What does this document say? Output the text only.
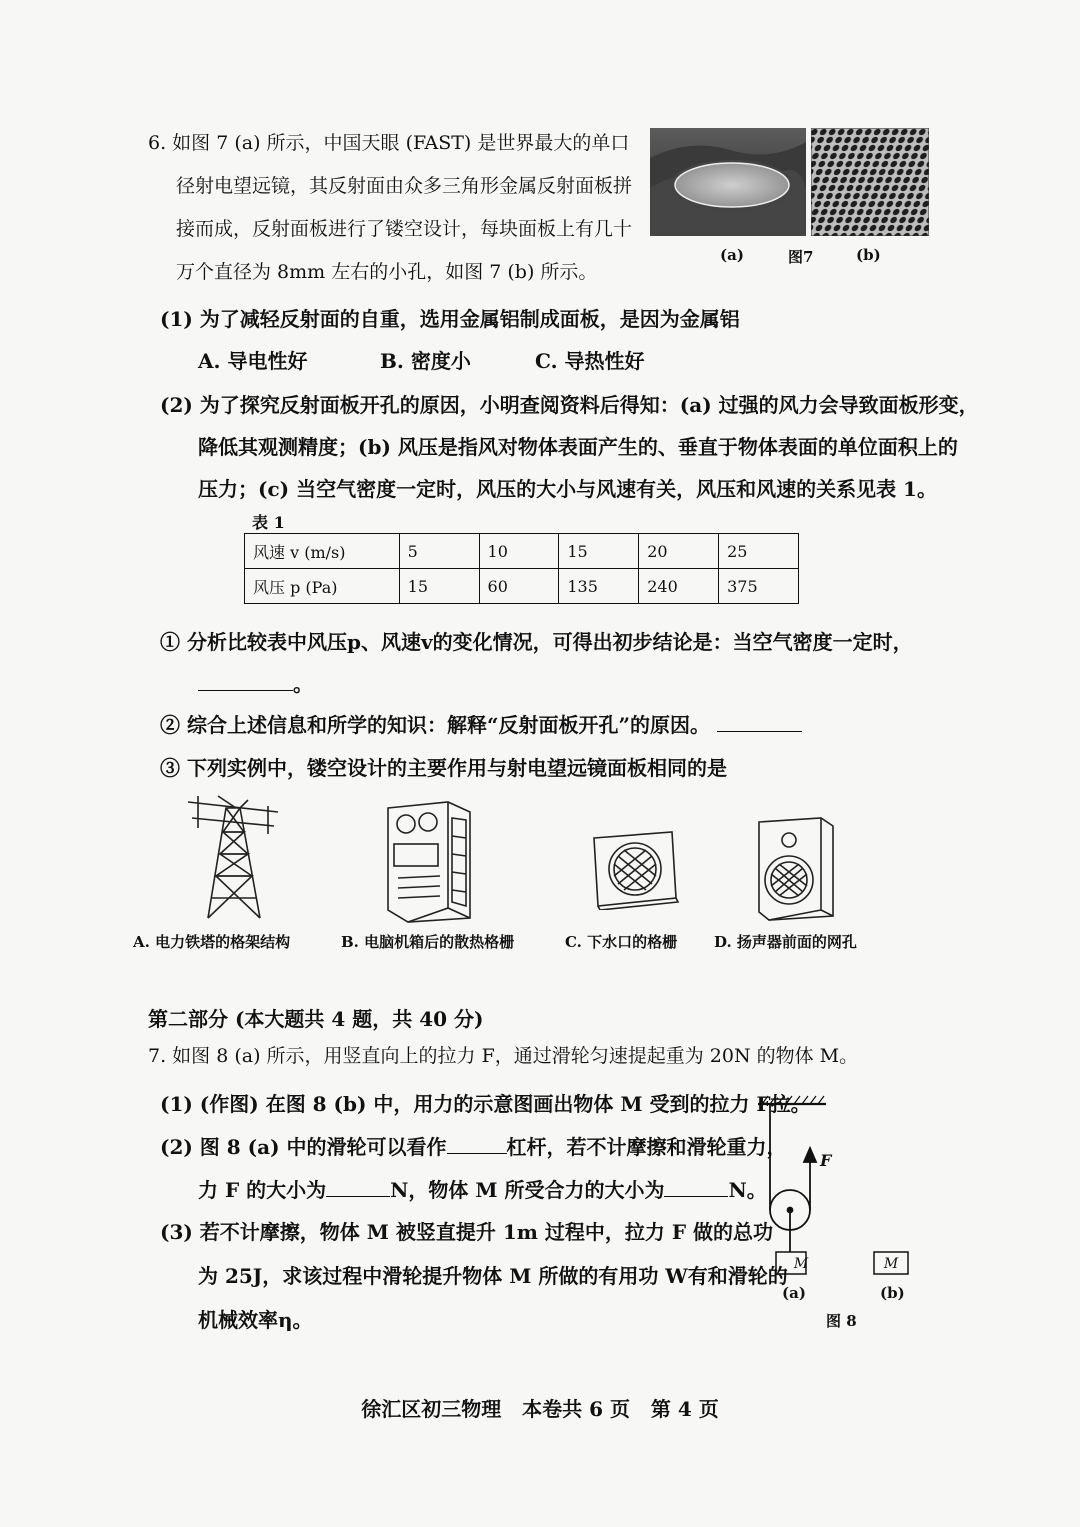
6. 如图 7 (a) 所示，中国天眼 (FAST) 是世界最大的单口
径射电望远镜，其反射面由众多三角形金属反射面板拼
接而成，反射面板进行了镂空设计，每块面板上有几十
万个直径为 8mm 左右的小孔，如图 7 (b) 所示。
(a)	图7	(b)
(1) 为了减轻反射面的自重，选用金属铝制成面板，是因为金属铝
A. 导电性好	B. 密度小	C. 导热性好
(2) 为了探究反射面板开孔的原因，小明查阅资料后得知：(a) 过强的风力会导致面板形变，
降低其观测精度；(b) 风压是指风对物体表面产生的、垂直于物体表面的单位面积上的
压力；(c) 当空气密度一定时，风压的大小与风速有关，风压和风速的关系见表 1。
表 1
风速 v (m/s)	5	10	15	20	25
风压 p (Pa)	15	60	135	240	375
① 分析比较表中风压p、风速v的变化情况，可得出初步结论是：当空气密度一定时，
。
② 综合上述信息和所学的知识：解释“反射面板开孔”的原因。
③ 下列实例中，镂空设计的主要作用与射电望远镜面板相同的是
A. 电力铁塔的格架结构	B. 电脑机箱后的散热格栅	C. 下水口的格栅 D. 扬声器前面的网孔
第二部分 (本大题共 4 题，共 40 分)
7. 如图 8 (a) 所示，用竖直向上的拉力 F，通过滑轮匀速提起重为 20N 的物体 M。
(1) (作图) 在图 8 (b) 中，用力的示意图画出物体 M 受到的拉力 F拉。
(2) 图 8 (a) 中的滑轮可以看作	杠杆，若不计摩擦和滑轮重力，
力 F 的大小为	N，物体 M 所受合力的大小为	N。
(3) 若不计摩擦，物体 M 被竖直提升 1m 过程中，拉力 F 做的总功
为 25J，求该过程中滑轮提升物体 M 所做的有用功 W有和滑轮的
机械效率η。
F
M	M
(a)	(b)
图 8
徐汇区初三物理   本卷共 6 页   第 4 页
